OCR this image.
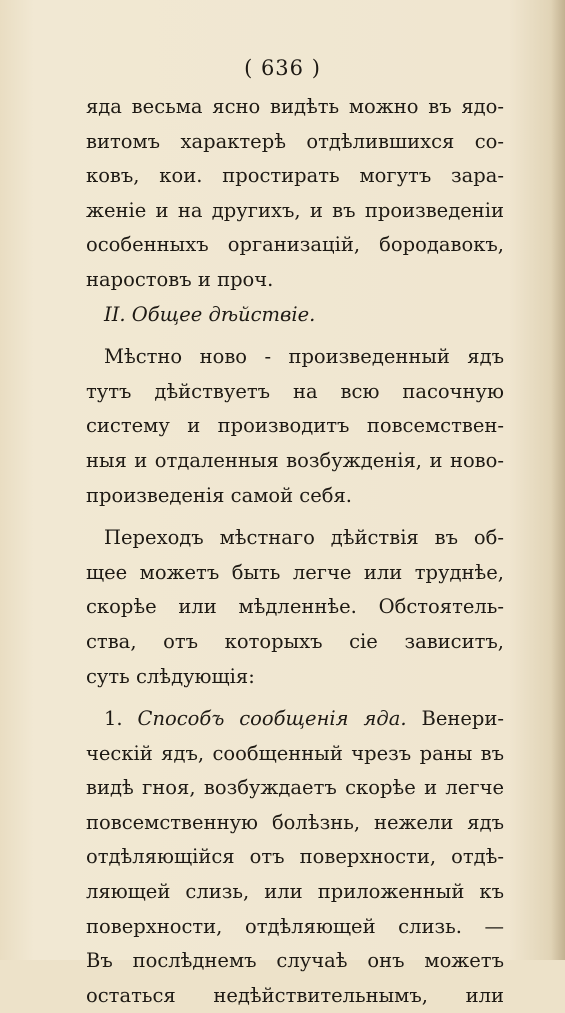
( 636 )
яда весьма ясно видѣть можно въ ядо-
витомъ характерѣ отдѣлившихся со-
ковъ, кои. простирать могутъ зара-
женіе и на другихъ, и въ произведеніи
особенныхъ организацій, бородавокъ,
наростовъ и проч.
II. Общее дѣйствіе.
Мѣстно ново - произведенный ядъ
тутъ дѣйствуетъ на всю пасочную
систему и производитъ повсемствен-
ныя и отдаленныя возбужденія, и ново-
произведенія самой себя.
Переходъ мѣстнаго дѣйствія въ об-
щее можетъ быть легче или труднѣе,
скорѣе или мѣдленнѣе. Обстоятель-
ства, отъ которыхъ сіе зависитъ,
суть слѣдующія:
1. Способъ сообщенія яда. Венери-
ческій ядъ, сообщенный чрезъ раны въ
видѣ гноя, возбуждаетъ скорѣе и легче
повсемственную болѣзнь, нежели ядъ
отдѣляющійся отъ поверхности, отдѣ-
ляющей слизь, или приложенный къ
поверхности, отдѣляющей слизь. —
Въ послѣднемъ случаѣ онъ можетъ
остаться недѣйствительнымъ, или
